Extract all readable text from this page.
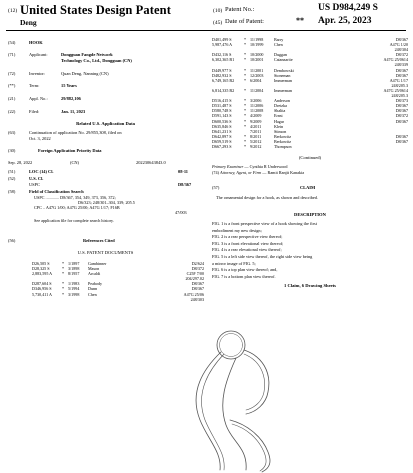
(12) United States Design Patent
Deng
(10) Patent No.:	US D984,249 S
(45) Date of Patent:	** Apr. 25, 2023
(54)	HOOK
(71)	Applicant:	Dongguan Fangde Network
Technology Co., Ltd., Dongguan (CN)
(72)	Inventor:	Quan Deng, Nanning (CN)
(**)	Term:	15 Years
(21)	Appl. No.:	29/882,106
(22)	Filed:	Jan. 11, 2023
Related U.S. Application Data
(63)	Continuation of application No. 29/855,308, filed on
Oct. 3, 2022
(30)	Foreign Application Priority Data
Sep. 28, 2022	(CN)	202230643843.0
(51)	LOC (14) Cl.	08-11
(52)	U.S. Cl.
USPC	D8/367
(58)	Field of Classification Search
USPC ............. D8/367, 354, 349, 373, 356, 372;
D6/323; 248/301–304, 339; 205.5
CPC .. A47G 1/00; A47G 25/00; A47G 1/17; F16B
47/003
See application file for complete search history.
(56)	References Cited
U.S. PATENT DOCUMENTS
D26,505 S	* 1/1897 Gambinner	D2/624
D28,325 S	* 3/1898 Mason	D8/372
2,883,595 A * 8/1957 Arcaldi	C25F 7/00
204/297.02
D287,604 S	* 1/1983 Peabody	D8/367
D346,956 S	* 5/1994 Dunn	D8/367
5,730,411 A * 3/1998 Chen	A47G 25/06
248/303
D401,499 S	* 11/1998	Barry	D8/367
5,987,476 A	* 10/1999	Chen	A47G 1/20
248/304
D432,116 S	* 10/2000	Duggan	D8/372
6,302,365 B1 * 10/2001	Catanzarite	A47G 25/0614
248/339
D449,977 S	* 11/2001	Dembowski	D8/367
D482,932 S	* 12/2003	Stoneman	D8/367
6,749,165 B2 * 6/2004	Immerman	A47G 1/17
248/205.3
6,814,335 B2 * 11/2004	Immerman	A47G 25/0614
248/205.3
D516,415 S	* 3/2006	Anderson	D8/373
D531,487 S	* 11/2006	Dretzka	D8/367
D580,748 S	* 11/2008	Shalita	D8/367
D591,143 S	* 4/2009	Ernst	D8/372
D600,536 S	* 9/2009	Hagar	D8/367
D635,846 S	* 4/2011	Klein
D641,231 S	7/2011	Stinson
D642,897 S	* 8/2011	Berkowitz	D8/367
D659,519 S	* 5/2012	Berkowitz	D8/367
D667,293 S	* 9/2012	Thompson
(Continued)
Primary Examiner — Cynthia R Underwood
(74) Attorney, Agent, or Firm — Ramit Ranjit Kanakia
(57)	CLAIM
The ornamental design for a hook, as shown and described.
DESCRIPTION
FIG. 1 is a front perspective view of a hook showing the first
embodiment my new design;
FIG. 2 is a rear perspective view thereof;
FIG. 3 is a front elevational view thereof;
FIG. 4 is a rear elevational view thereof;
FIG. 5 is a left side view thereof, the right side view being
a mirror image of FIG. 5;
FIG. 6 is a top plan view thereof; and,
FIG. 7 is a bottom plan view thereof.
1 Claim, 6 Drawing Sheets
